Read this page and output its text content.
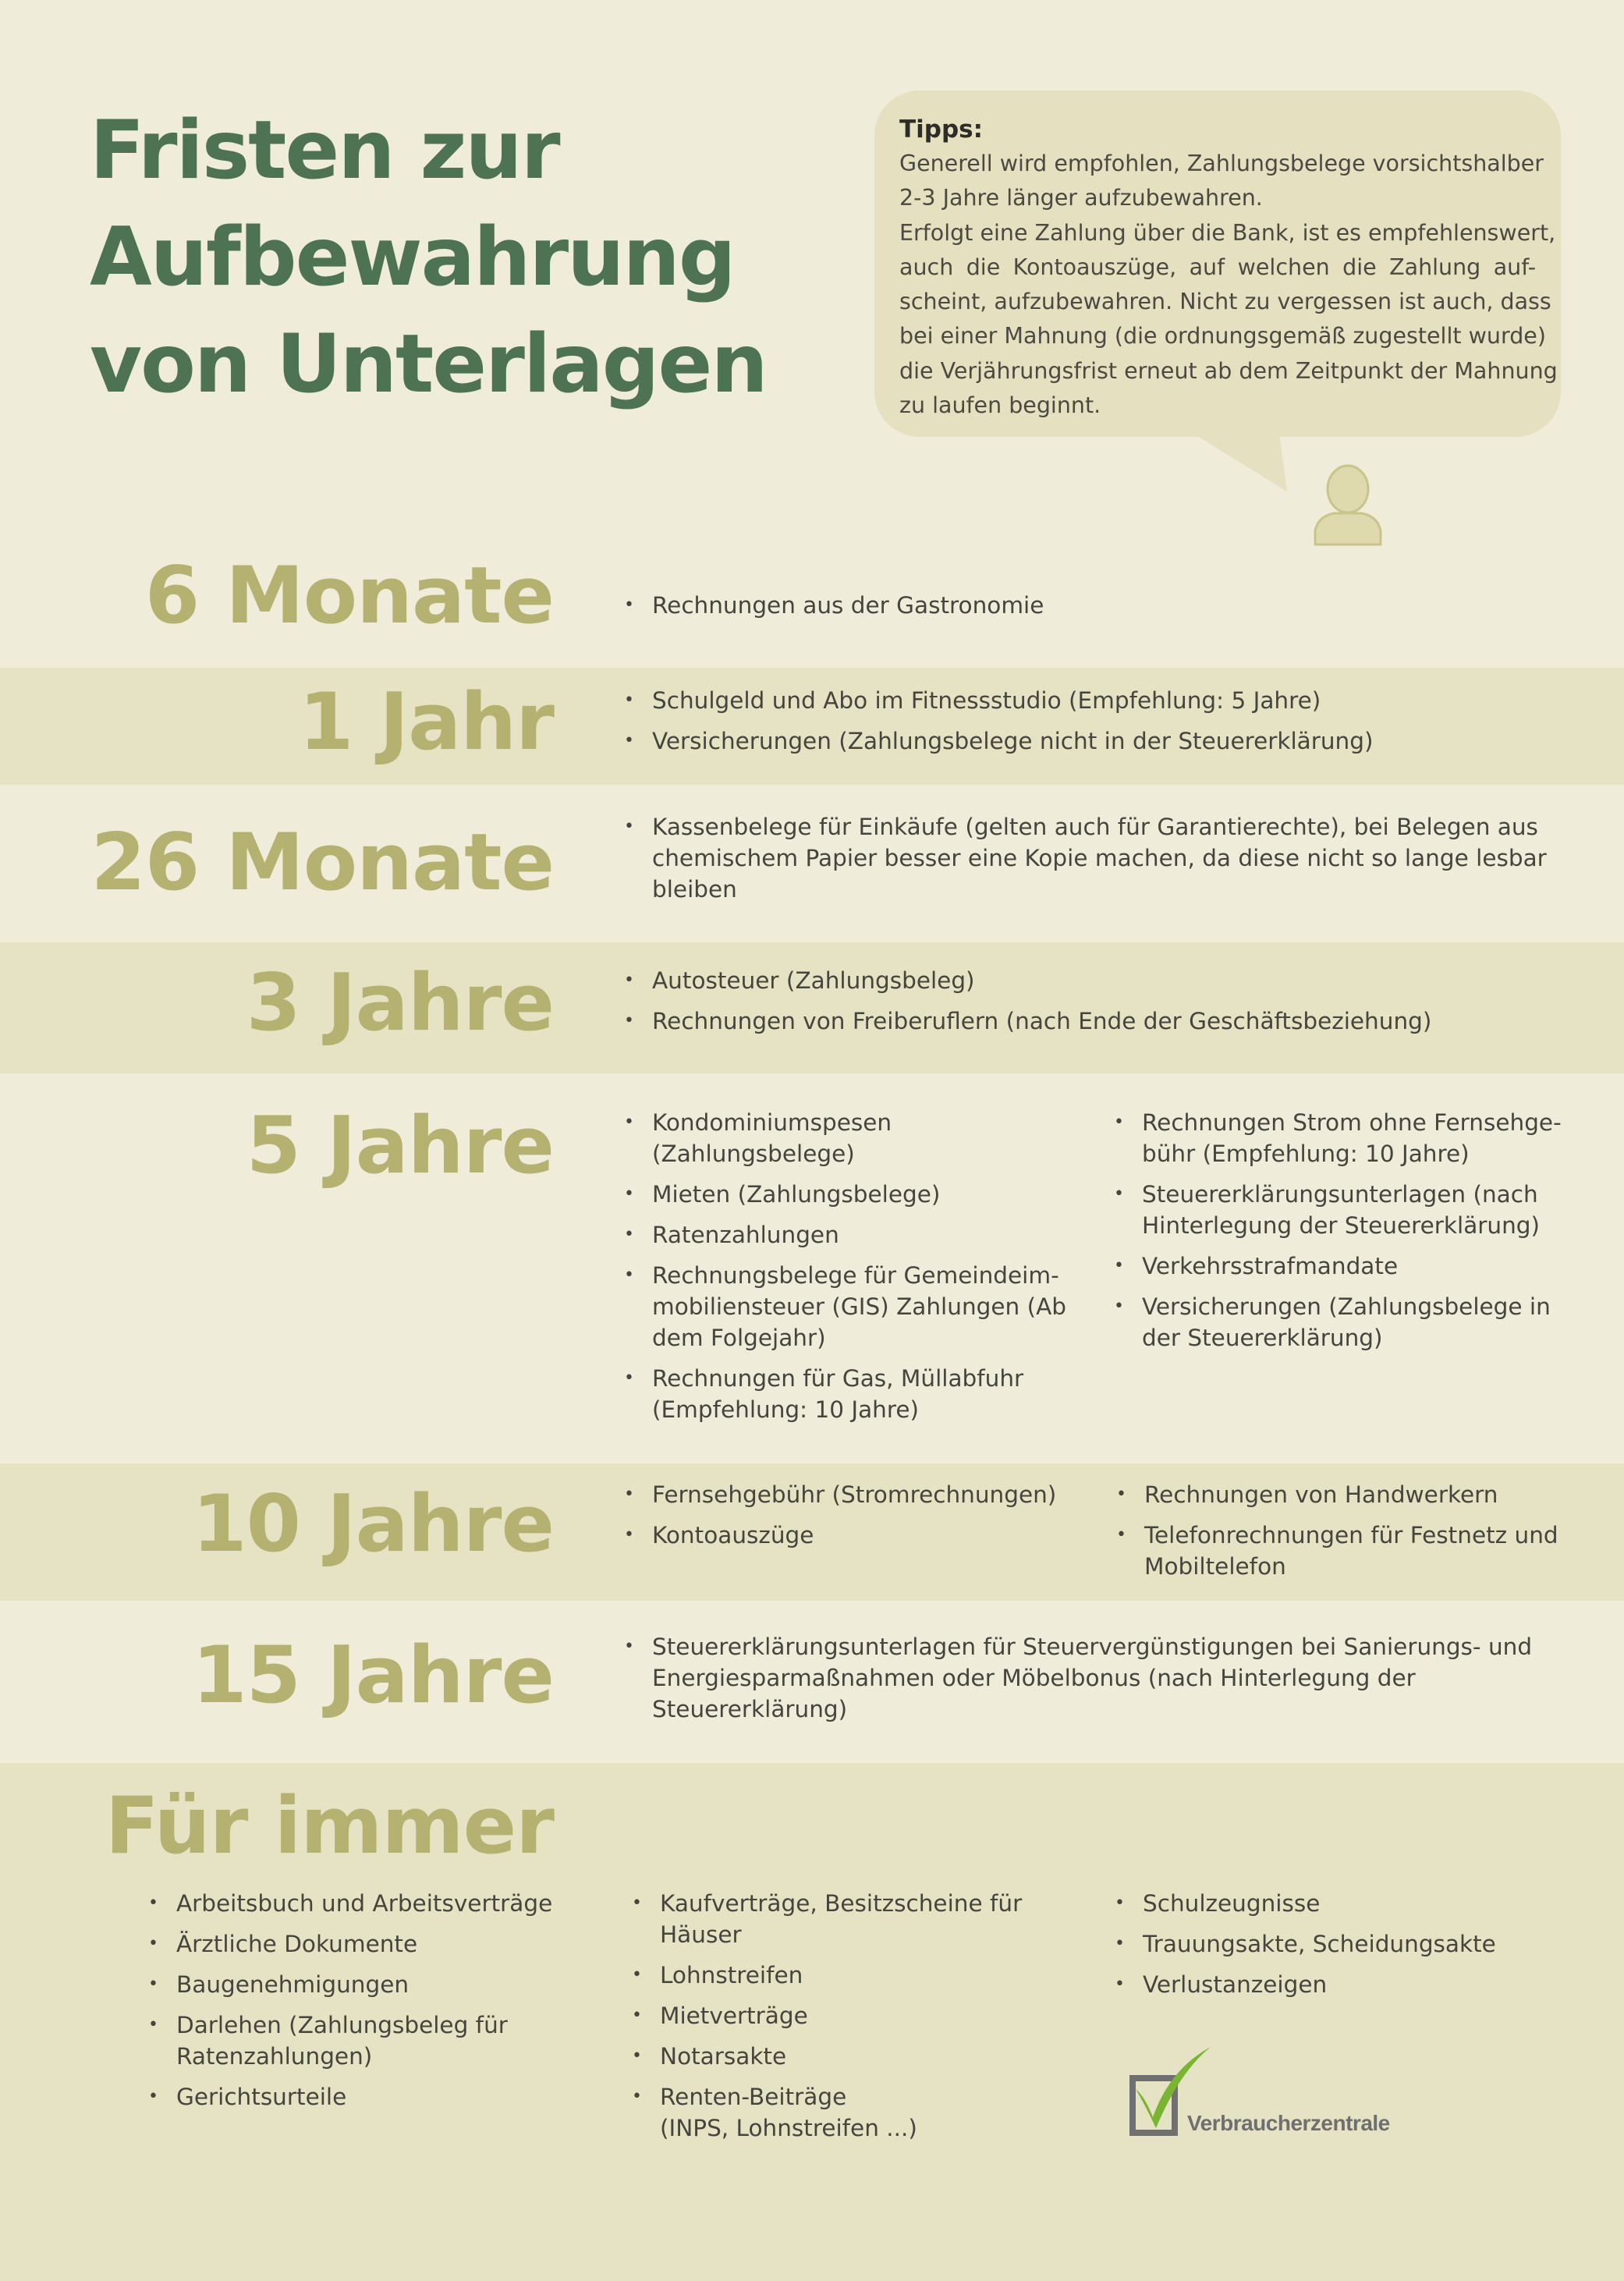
Fristen zur
Aufbewahrung
von Unterlagen
Tipps:
Generell wird empfohlen, Zahlungsbelege vorsichtshalber
2-3 Jahre länger aufzubewahren.
Erfolgt eine Zahlung über die Bank, ist es empfehlenswert,
auch die Kontoauszüge, auf welchen die Zahlung auf-
scheint, aufzubewahren. Nicht zu vergessen ist auch, dass
bei einer Mahnung (die ordnungsgemäß zugestellt wurde)
die Verjährungsfrist erneut ab dem Zeitpunkt der Mahnung
zu laufen beginnt.
6 Monate	• Rechnungen aus der Gastronomie
1 Jahr	• Schulgeld und Abo im Fitnessstudio (Empfehlung: 5 Jahre)
• Versicherungen (Zahlungsbelege nicht in der Steuererklärung)
26 Monate	• Kassenbelege für Einkäufe (gelten auch für Garantierechte), bei Belegen aus
chemischem Papier besser eine Kopie machen, da diese nicht so lange lesbar
bleiben
3 Jahre	• Autosteuer (Zahlungsbeleg)
• Rechnungen von Freiberuflern (nach Ende der Geschäftsbeziehung)
5 Jahre	• Kondominiumspesen
(Zahlungsbelege)
• Mieten (Zahlungsbelege)
• Ratenzahlungen
• Rechnungsbelege für Gemeindeim-
mobiliensteuer (GIS) Zahlungen (Ab
dem Folgejahr)
• Rechnungen für Gas, Müllabfuhr
(Empfehlung: 10 Jahre)
• Rechnungen Strom ohne Fernsehge-
bühr (Empfehlung: 10 Jahre)
• Steuererklärungsunterlagen (nach
Hinterlegung der Steuererklärung)
• Verkehrsstrafmandate
• Versicherungen (Zahlungsbelege in
der Steuererklärung)
10 Jahre	• Fernsehgebühr (Stromrechnungen)
• Kontoauszüge
• Rechnungen von Handwerkern
• Telefonrechnungen für Festnetz und
Mobiltelefon
15 Jahre	• Steuererklärungsunterlagen für Steuervergünstigungen bei Sanierungs- und
Energiesparmaßnahmen oder Möbelbonus (nach Hinterlegung der
Steuererklärung)
Für immer
• Arbeitsbuch und Arbeitsverträge
• Ärztliche Dokumente
• Baugenehmigungen
• Darlehen (Zahlungsbeleg für
Ratenzahlungen)
• Gerichtsurteile
• Kaufverträge, Besitzscheine für
Häuser
• Lohnstreifen
• Mietverträge
• Notarsakte
• Renten-Beiträge
(INPS, Lohnstreifen ...)
• Schulzeugnisse
• Trauungsakte, Scheidungsakte
• Verlustanzeigen
Verbraucherzentrale
